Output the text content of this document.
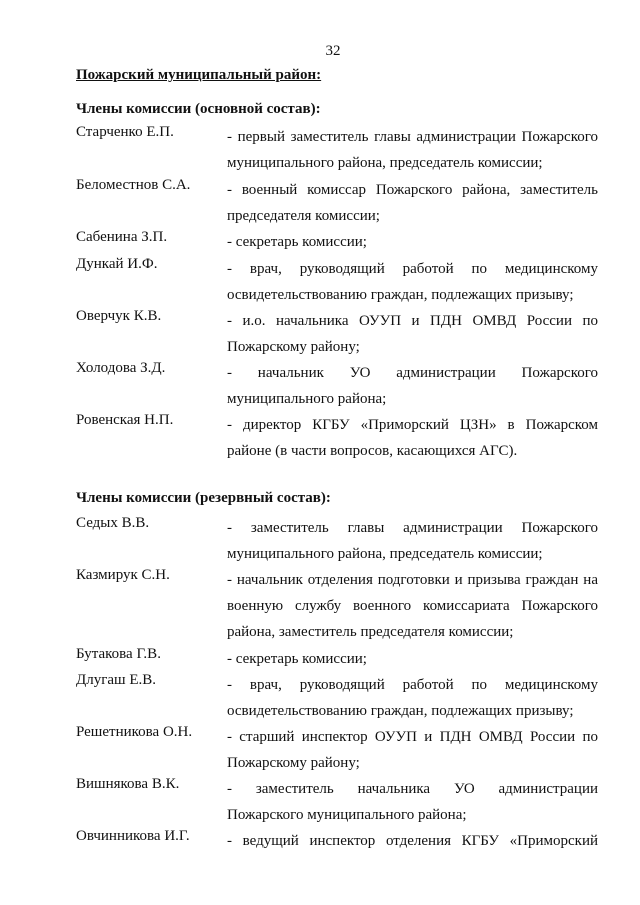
32
Пожарский муниципальный район:
Члены комиссии (основной состав):
Старченко Е.П.	- первый заместитель главы администрации Пожарского
муниципального района, председатель комиссии;
Беломестнов С.А. - военный комиссар Пожарского района, заместитель
председателя комиссии;
Сабенина З.П.	- секретарь комиссии;
Дункай И.Ф.	- врач, руководящий работой по медицинскому
освидетельствованию граждан, подлежащих призыву;
Оверчук К.В.	- и.о. начальника ОУУП и ПДН ОМВД России по
Пожарскому району;
Холодова З.Д.	- начальник УО администрации Пожарского
муниципального района;
Ровенская Н.П.	- директор КГБУ «Приморский ЦЗН» в Пожарском
районе (в части вопросов, касающихся АГС).
Члены комиссии (резервный состав):
Седых В.В.	- заместитель главы администрации Пожарского
муниципального района, председатель комиссии;
Казмирук С.Н.	- начальник отделения подготовки и призыва граждан на
военную службу военного комиссариата Пожарского
района, заместитель председателя комиссии;
Бутакова Г.В.	- секретарь комиссии;
Длугаш Е.В.	- врач, руководящий работой по медицинскому
освидетельствованию граждан, подлежащих призыву;
Решетникова О.Н. - старший инспектор ОУУП и ПДН ОМВД России по
Пожарскому району;
Вишнякова В.К.	- заместитель начальника УО администрации
Пожарского муниципального района;
Овчинникова И.Г. - ведущий инспектор отделения КГБУ «Приморский
